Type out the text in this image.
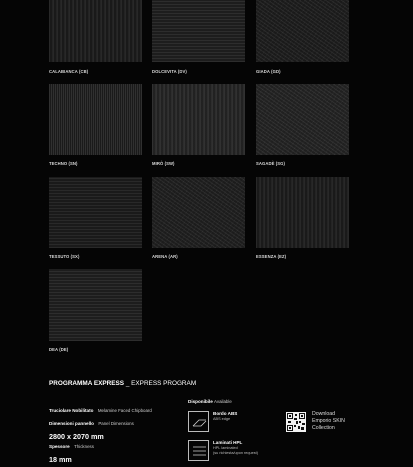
CALABIANCA (CB)	DOLCEVITA (DV)	GIADA (GD)
TECHNO (SN)	MIRÒ (SW)	SAGADÈ (SG)
TESSUTO (SX)	ARENA (AR)	ESSENZA (EZ)
DEA (DE)
PROGRAMMA EXPRESS _ EXPRESS PROGRAM
Truciolare Nobilitato Melamine Faced Chipboard
Dimensioni pannello Panel Dimensions
2800 x 2070 mm
Spessore Thickness
18 mm
Disponibile Available
Bordo ABS
ABS edge
Laminati HPL
HPL laminated
(su richiesta/upon request)
Download
Emporio SKIN
Collection
